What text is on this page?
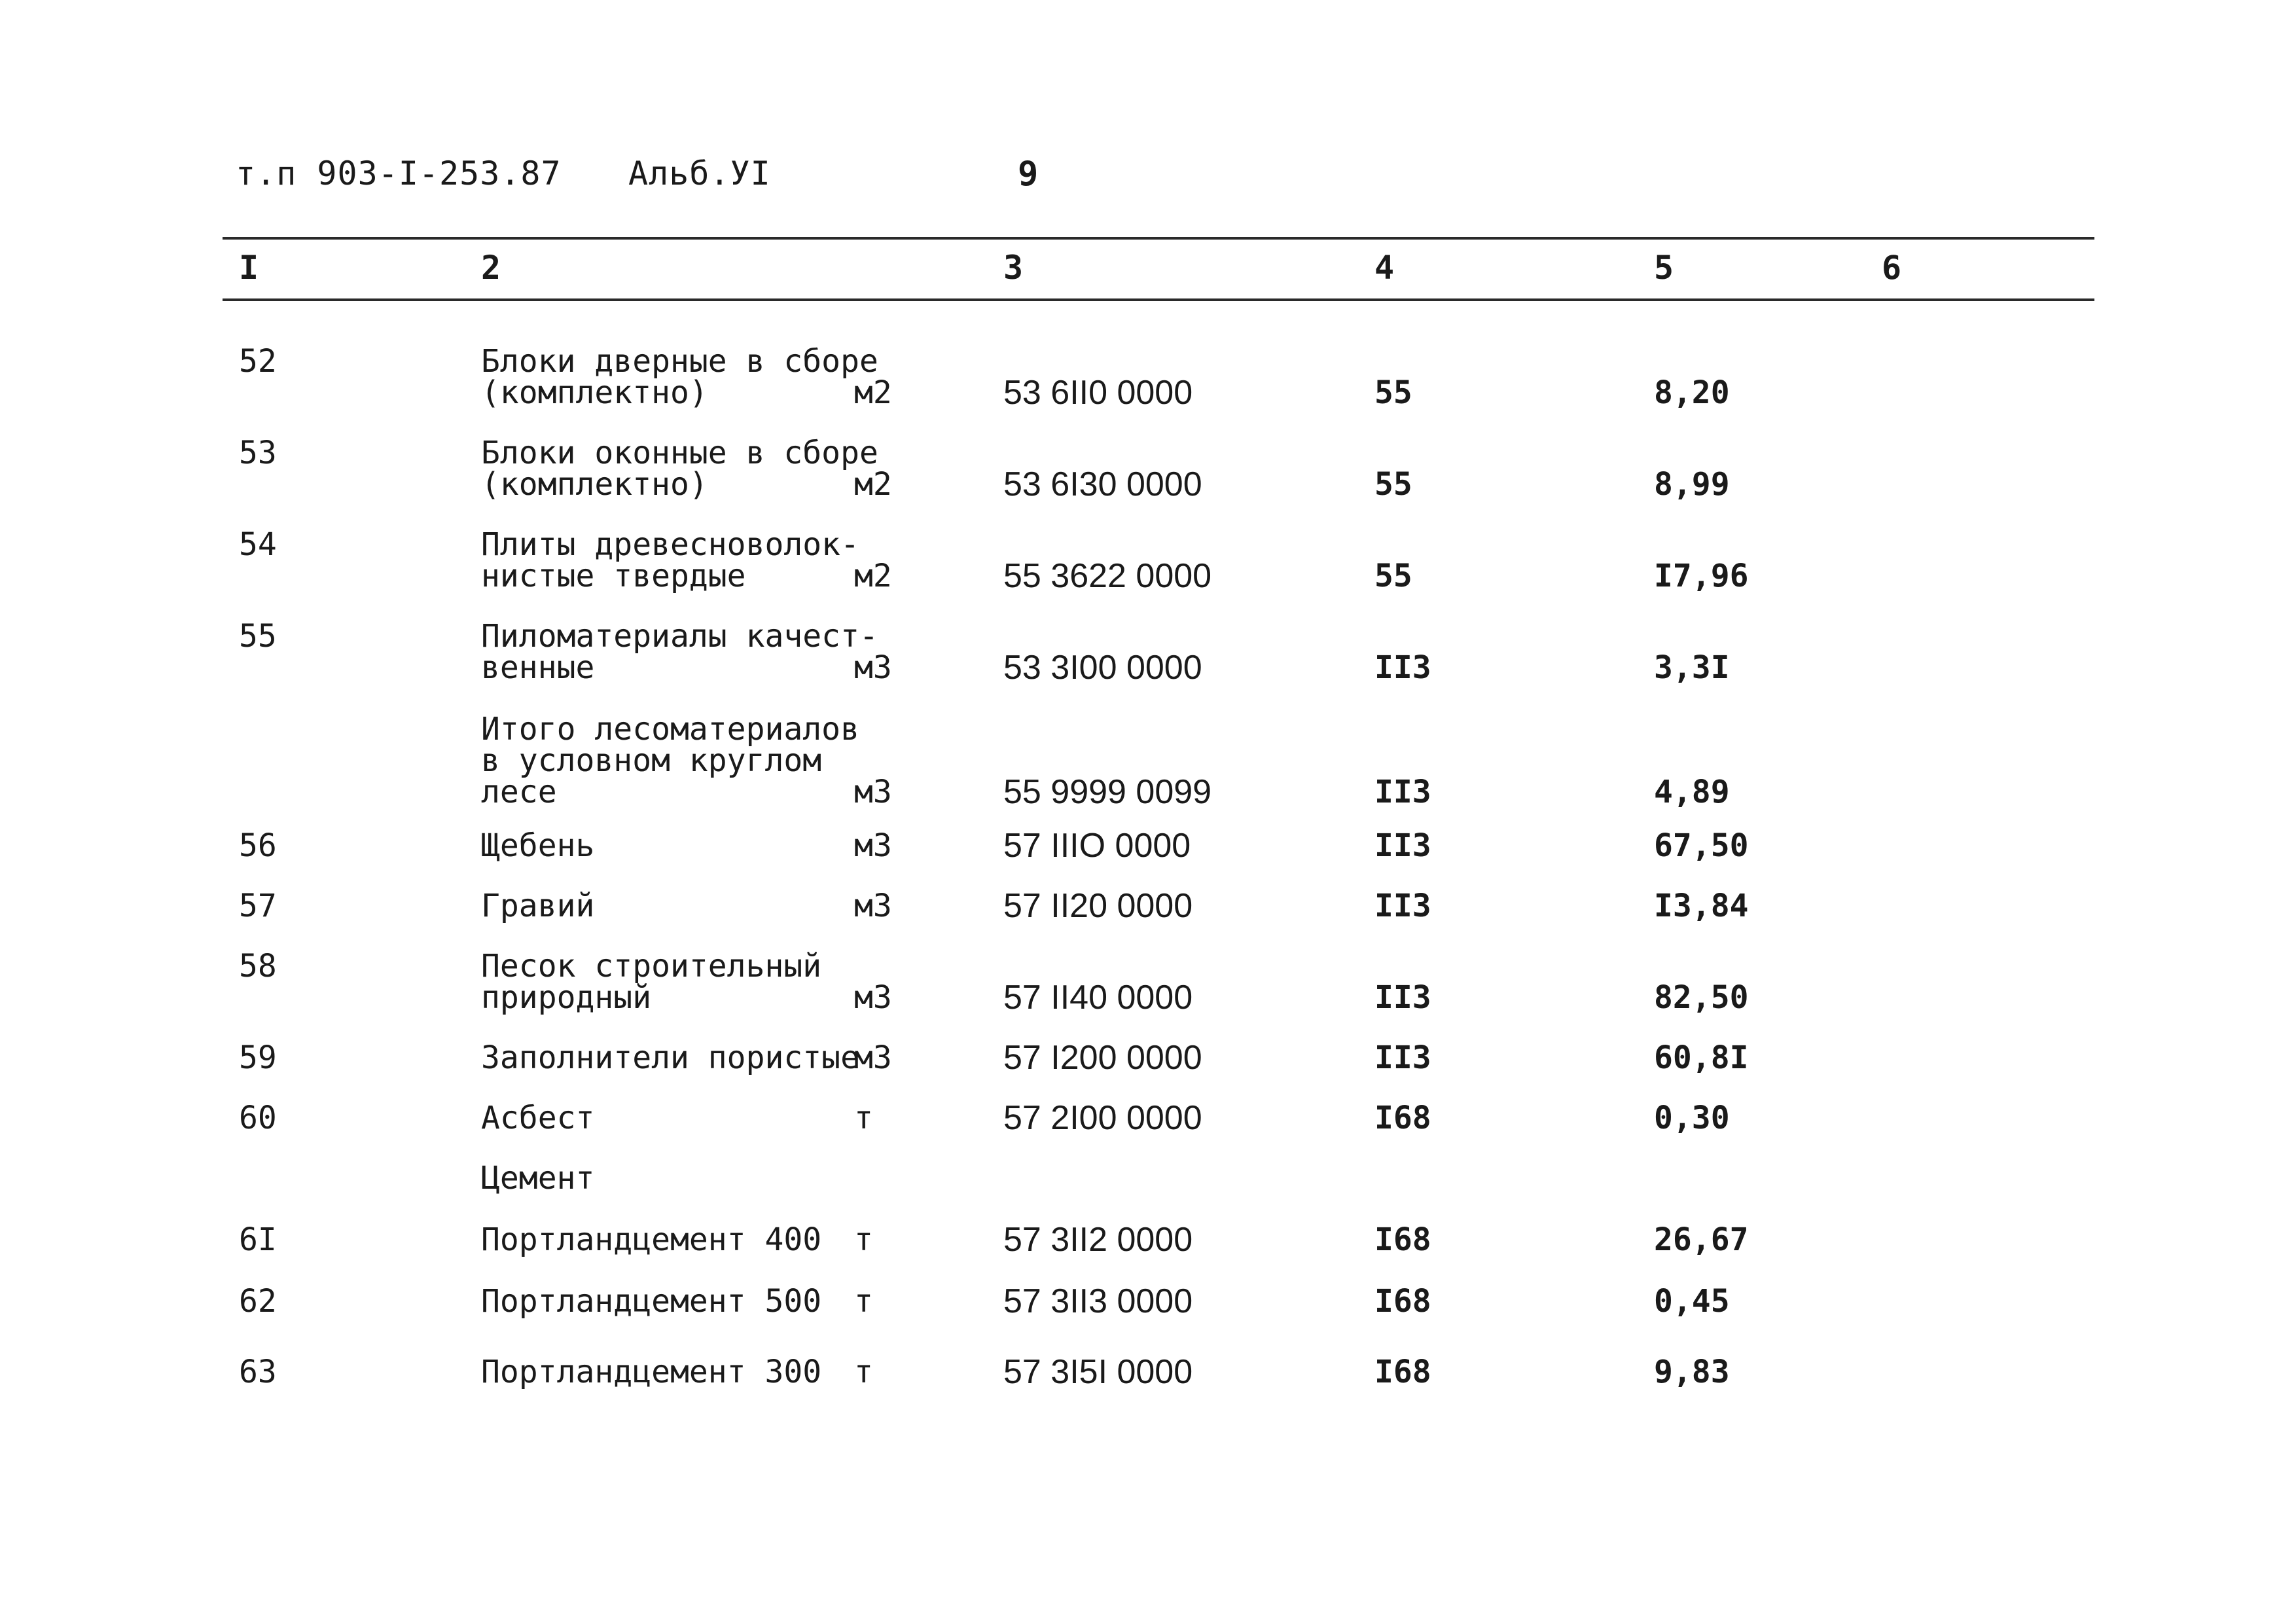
т.п 903-I-253.87 Альб.УI	9
I	2	3	4	5	6
52	Блоки дверные в сборе
(комплектно)	м2	53 6II0 0000	55	8,20
53	Блоки оконные в сборе
(комплектно)	м2	53 6I30 0000	55	8,99
54	Плиты древесноволок-
нистые твердые	м2	55 3622 0000	55	I7,96
55	Пиломатериалы качест-
венные	м3	53 3I00 0000	II3	3,3I
Итого лесоматериалов
в условном круглом
лесе	м3	55 9999 0099	II3	4,89
56	Щебень	м3	57 IIIO 0000	II3	67,50
57	Гравий	м3	57 II20 0000	II3	I3,84
58	Песок строительный
природный	м3	57 II40 0000	II3	82,50
59	Заполнители пористые
м3	57 I200 0000	II3	60,8I
60	Асбест	т	57 2I00 0000	I68	0,30
Цемент
6I	Портландцемент 400 т	57 3II2 0000	I68	26,67
62	Портландцемент 500 т	57 3II3 0000	I68	0,45
63	Портландцемент 300 т	57 3I5I 0000	I68	9,83
